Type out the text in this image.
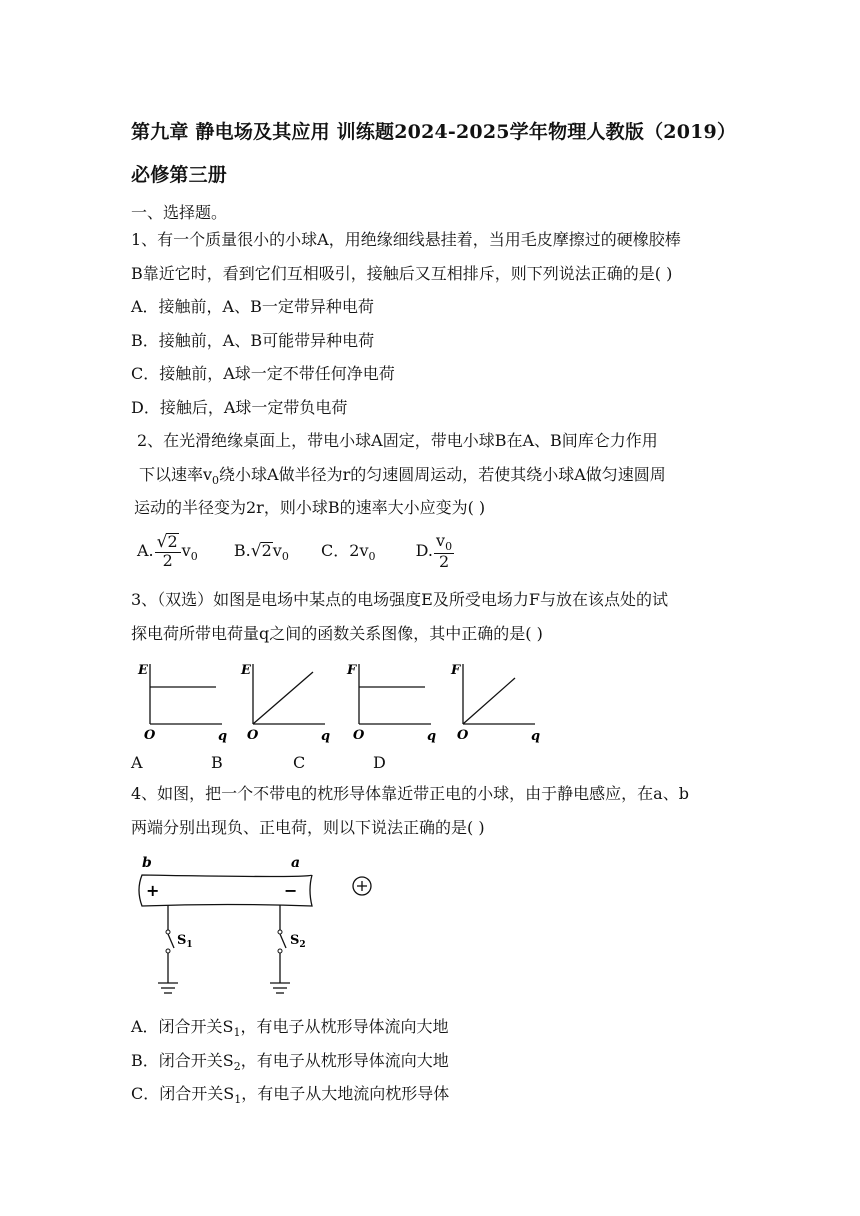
第九章 静电场及其应用 训练题2024-2025学年物理人教版（2019）
必修第三册
一、选择题。
1、有一个质量很小的小球A，用绝缘细线悬挂着，当用毛皮摩擦过的硬橡胶棒
B靠近它时，看到它们互相吸引，接触后又互相排斥，则下列说法正确的是( )
A．接触前，A、B一定带异种电荷
B．接触前，A、B可能带异种电荷
C．接触前，A球一定不带任何净电荷
D．接触后，A球一定带负电荷
2、在光滑绝缘桌面上，带电小球A固定，带电小球B在A、B间库仑力作用
下以速率$v_0$绕小球A做半径为r的匀速圆周运动，若使其绕小球A做匀速圆周
运动的半径变为2r，则小球B的速率大小应变为( )
A. $\frac{√2}{2} v_0$ $B.√2v_0$ C．$2v_0$	D. $\frac{v_0}{2}$
3、（双选）如图是电场中某点的电场强度E及所受电场力F与放在该点处的试
探电荷所带电荷量q之间的函数关系图像，其中正确的是( )
E
O	q
E
O	q
F
O	q
F
O	q
A	B	C	D
4、如图，把一个不带电的枕形导体靠近带正电的小球，由于静电感应，在a、b
两端分别出现负、正电荷，则以下说法正确的是( )
b	a
+	−
$S_1$	$S_2$
A．闭合开关$S_1$，有电子从枕形导体流向大地
B．闭合开关$S_2$，有电子从枕形导体流向大地
C．闭合开关$S_1$，有电子从大地流向枕形导体
